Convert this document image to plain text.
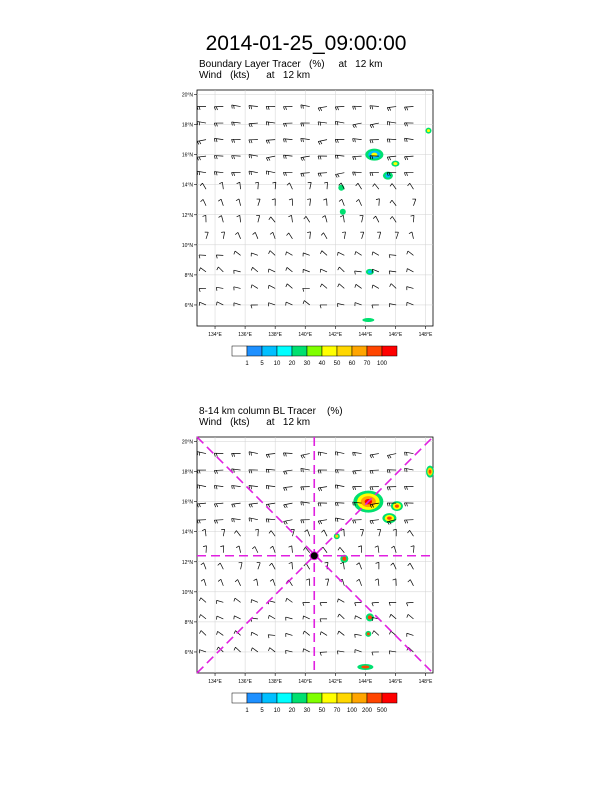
2014-01-25_09:00:00
Boundary Layer Tracer   (%)     at   12 km
Wind   (kts)      at   12 km
134°E	136°E	138°E	140°E	142°E	144°E	146°E	148°E
20°N
18°N
16°N
14°N
12°N
10°N
8°N
6°N
1 5 10 20 30 40 50 60 70 100
8-14 km column BL Tracer    (%)
Wind   (kts)      at   12 km
134°E	136°E	138°E	140°E	142°E	144°E	146°E	148°E
20°N
18°N
16°N
14°N
12°N
10°N
8°N
6°N
1 5 10 20 30 50 70 100 200 500
